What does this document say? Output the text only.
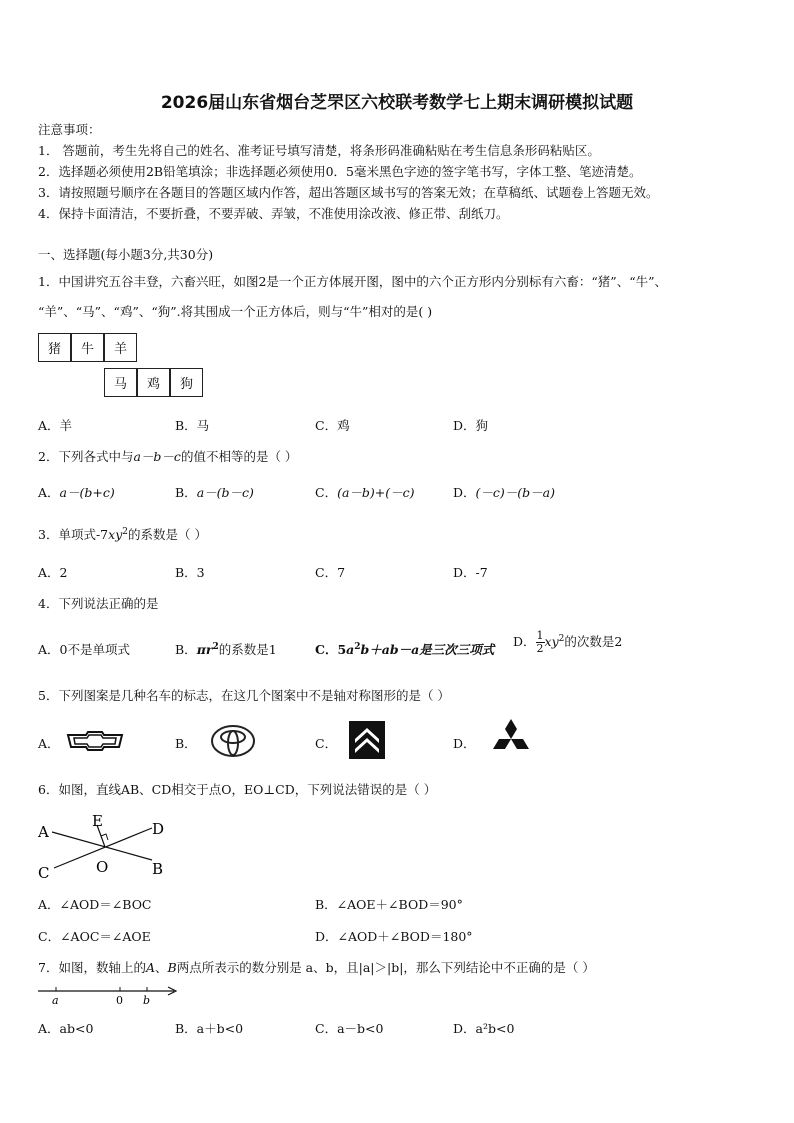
2026届山东省烟台芝罘区六校联考数学七上期末调研模拟试题
注意事项：
1． 答题前，考生先将自己的姓名、准考证号填写清楚，将条形码准确粘贴在考生信息条形码粘贴区。
2．选择题必须使用2B铅笔填涂；非选择题必须使用0．5毫米黑色字迹的签字笔书写，字体工整、笔迹清楚。
3．请按照题号顺序在各题目的答题区域内作答，超出答题区域书写的答案无效；在草稿纸、试题卷上答题无效。
4．保持卡面清洁，不要折叠，不要弄破、弄皱，不准使用涂改液、修正带、刮纸刀。
一、选择题(每小题3分,共30分)
1．中国讲究五谷丰登，六畜兴旺，如图2是一个正方体展开图，图中的六个正方形内分别标有六畜：“猪”、“牛”、
“羊”、“马”、“鸡”、“狗”.将其围成一个正方体后，则与“牛”相对的是( )
猪	牛	羊
马	鸡	狗
A．羊	B．马	C．鸡	D．狗
2．下列各式中与a－b－c的值不相等的是（ ）
A．a－(b+c)	B．a－(b－c)	C．(a－b)+(－c)	D．(－c)－(b－a)
3．单项式$-7xy^2$的系数是（ ）
A．2	B．3	C．7	D．-7
4．下列说法正确的是
A．0不是单项式	B．$\pi r^2$的系数是1	C．$5a^2b+ab-a$是三次三项式
D． $\frac{1}{2} xy^2$的次数是2
5．下列图案是几种名车的标志，在这几个图案中不是轴对称图形的是（ ）
A．	B．	C．	D．
6．如图，直线AB、CD相交于点O，EO⊥CD，下列说法错误的是（ ）
A	D
E
C	O	B
A．∠AOD＝∠BOC	B．∠AOE＋∠BOD＝90°
C．∠AOC＝∠AOE	D．∠AOD＋∠BOD＝180°
7．如图，数轴上的A、B两点所表示的数分别是 a、b，且|a|＞|b|，那么下列结论中不正确的是（ ）
a	0 b
A．ab<0	B．a＋b<0	C．a－b<0	D．a²b<0
